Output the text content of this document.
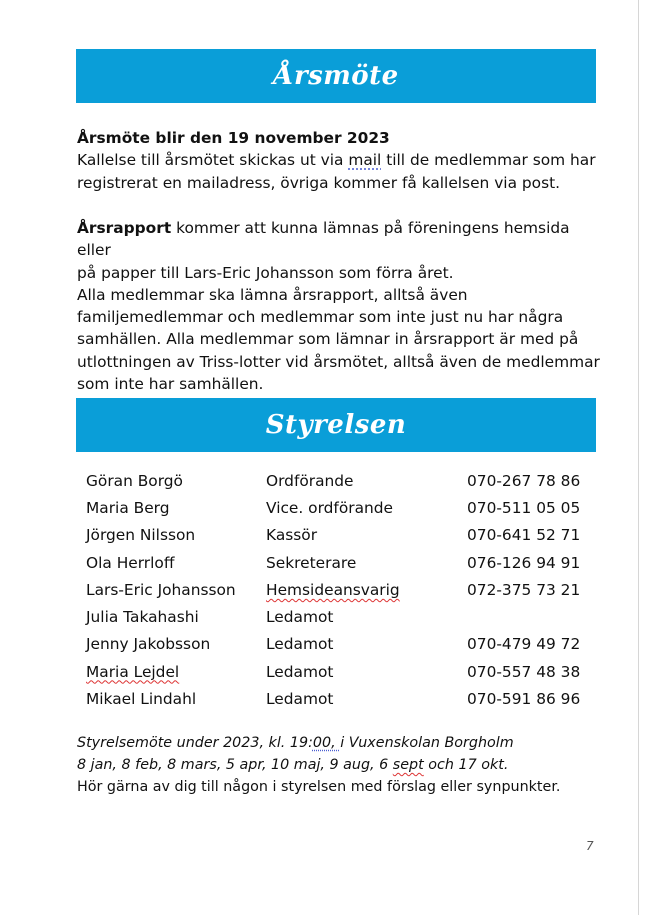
Årsmöte

Årsmöte blir den 19 november 2023

Kallelse till årsmötet skickas ut via mail till de medlemmar som har

registrerat en mailadress, övriga kommer få kallelsen via post.

Årsrapport kommer att kunna lämnas på föreningens hemsida eller

på papper till Lars-Eric Johansson som förra året.

Alla medlemmar ska lämna årsrapport, alltså även

familjemedlemmar och medlemmar som inte just nu har några

samhällen. Alla medlemmar som lämnar in årsrapport är med på

utlottningen av Triss-lotter vid årsmötet, alltså även de medlemmar

som inte har samhällen.

Styrelsen
Göran Borgö	Ordförande	070-267 78 86
Maria Berg	Vice. ordförande	070-511 05 05
Jörgen Nilsson	Kassör	070-641 52 71
Ola Herrloff	Sekreterare	076-126 94 91
Lars-Eric Johansson	Hemsideansvarig	072-375 73 21
Julia Takahashi	Ledamot	
Jenny Jakobsson	Ledamot	070-479 49 72
Maria Lejdel	Ledamot	070-557 48 38
Mikael Lindahl	Ledamot	070-591 86 96

Styrelsemöte under 2023, kl. 19:00, i Vuxenskolan Borgholm

8 jan, 8 feb, 8 mars, 5 apr, 10 maj, 9 aug, 6 sept och 17 okt.

Hör gärna av dig till någon i styrelsen med förslag eller synpunkter.

7
